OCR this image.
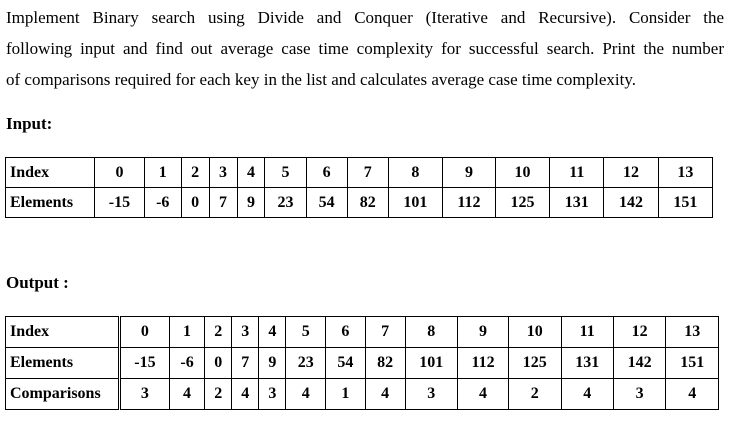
Implement Binary search using Divide and Conquer (Iterative and Recursive). Consider the
following input and find out average case time complexity for successful search. Print the number
of comparisons required for each key in the list and calculates average case time complexity.
Input:
Index	0	1	2	3	4	5	6	7	8	9	10	11	12	13
Elements	-15	-6	0	7	9	23	54	82	101	112	125	131	142	151
Output :
Index	0	1	2	3	4	5	6	7	8	9	10	11	12	13
Elements	-15	-6	0	7	9	23	54	82	101	112	125	131	142	151
Comparisons	3	4	2	4	3	4	1	4	3	4	2	4	3	4
